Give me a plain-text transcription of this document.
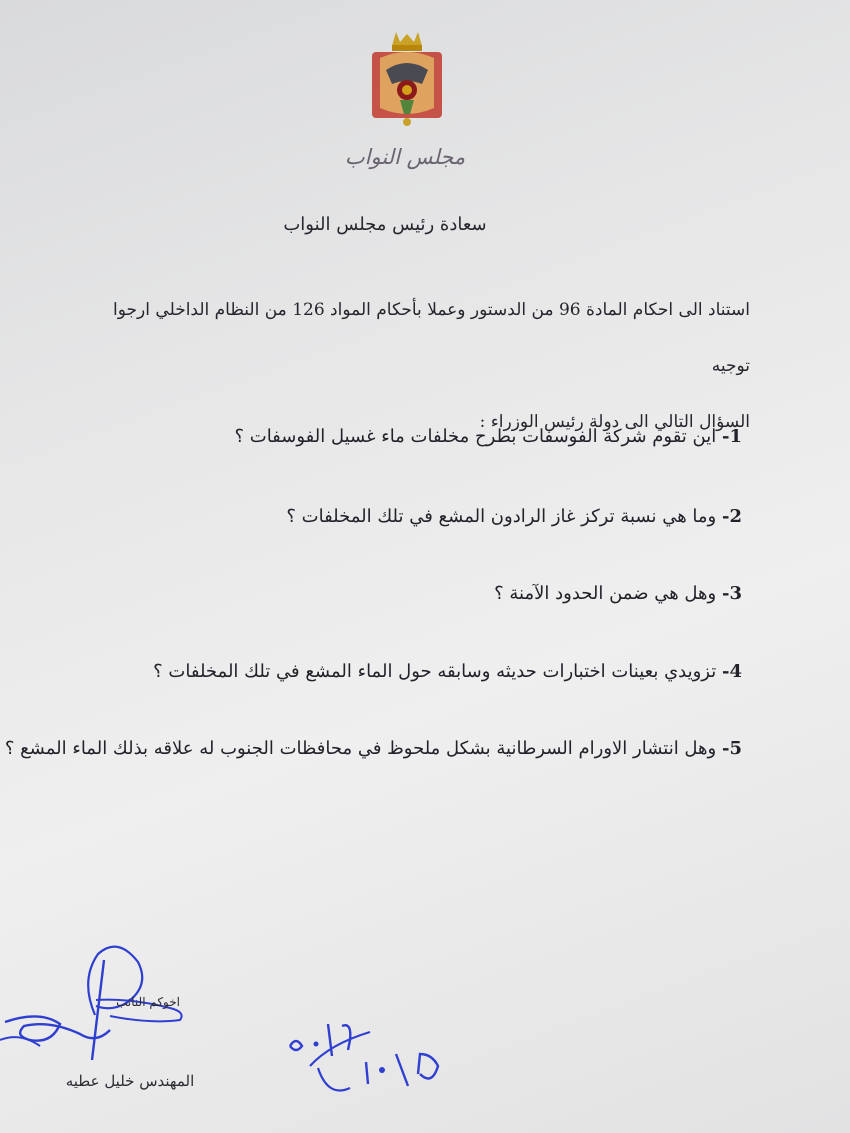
مجلس النواب
سعادة رئيس مجلس النواب
استناد الى احكام المادة 96 من الدستور وعملا بأحكام المواد 126 من النظام الداخلي ارجوا توجيه
السؤال التالي الى دولة رئيس الوزراء :
1- اين تقوم شركة الفوسفات بطرح مخلفات ماء غسيل الفوسفات ؟
2- وما هي نسبة تركز غاز الرادون المشع في تلك المخلفات ؟
3- وهل هي ضمن الحدود الآمنة ؟
4- تزويدي بعينات اختبارات حديثه وسابقه حول الماء المشع في تلك المخلفات ؟
5- وهل انتشار الاورام السرطانية بشكل ملحوظ في محافظات الجنوب له علاقه بذلك الماء المشع ؟
اخوكم النائب
المهندس خليل عطيه
١٥ / ١٠ / ٢٠١٧
